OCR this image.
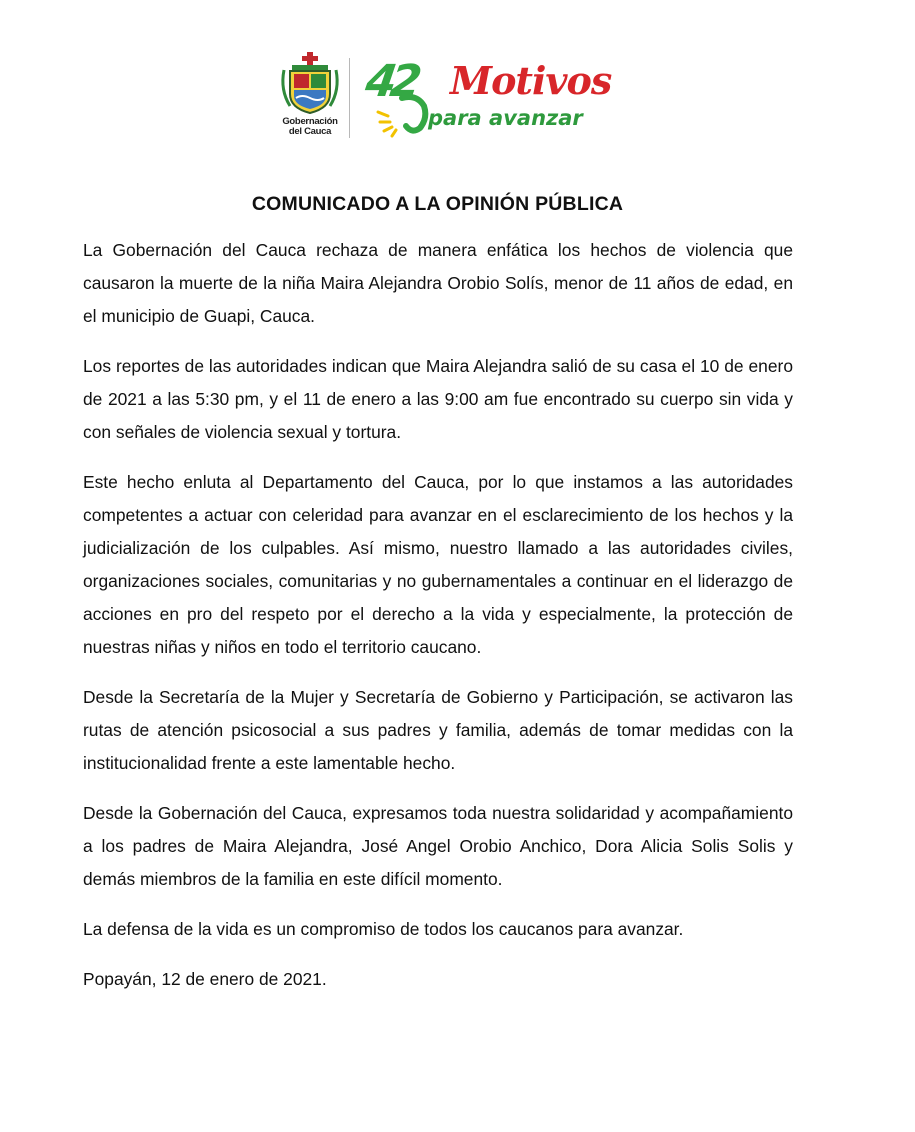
Gobernación
del Cauca
42 Motivos
para avanzar
COMUNICADO A LA OPINIÓN PÚBLICA

La Gobernación del Cauca rechaza de manera enfática los hechos de violencia que causaron la muerte de la niña Maira Alejandra Orobio Solís, menor de 11 años de edad, en el municipio de Guapi, Cauca.

Los reportes de las autoridades indican que Maira Alejandra salió de su casa el 10 de enero de 2021 a las 5:30 pm, y el 11 de enero a las 9:00 am fue encontrado su cuerpo sin vida y con señales de violencia sexual y tortura.

Este hecho enluta al Departamento del Cauca, por lo que instamos a las autoridades competentes a actuar con celeridad para avanzar en el esclarecimiento de los hechos y la judicialización de los culpables. Así mismo, nuestro llamado a las autoridades civiles, organizaciones sociales, comunitarias y no gubernamentales a continuar en el liderazgo de acciones en pro del respeto por el derecho a la vida y especialmente, la protección de nuestras niñas y niños en todo el territorio caucano.

Desde la Secretaría de la Mujer y Secretaría de Gobierno y Participación, se activaron las rutas de atención psicosocial a sus padres y familia, además de tomar medidas con la institucionalidad frente a este lamentable hecho.

Desde la Gobernación del Cauca, expresamos toda nuestra solidaridad y acompañamiento a los padres de Maira Alejandra, José Angel Orobio Anchico, Dora Alicia Solis Solis y demás miembros de la familia en este difícil momento.

La defensa de la vida es un compromiso de todos los caucanos para avanzar.

Popayán, 12 de enero de 2021.
